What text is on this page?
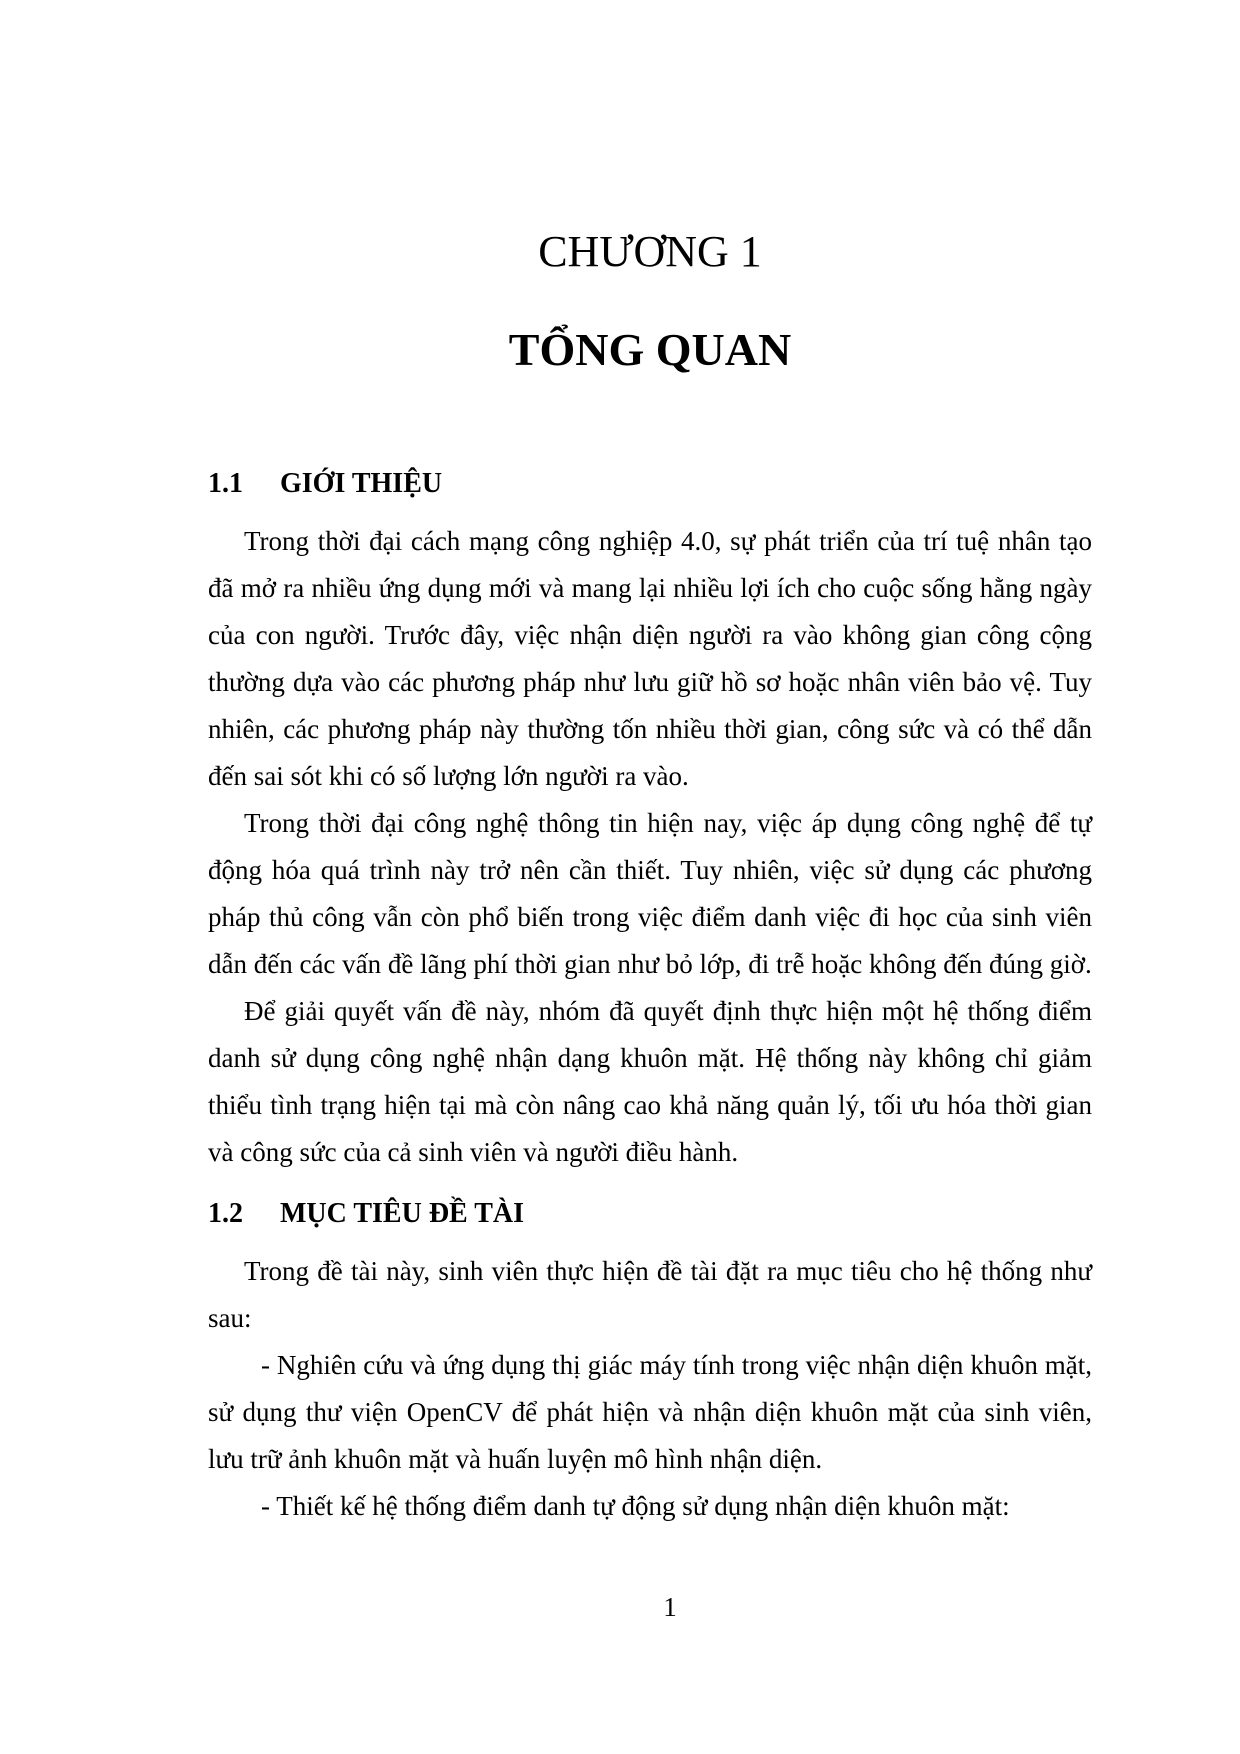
CHƯƠNG 1
TỔNG QUAN
1.1 GIỚI THIỆU

Trong thời đại cách mạng công nghiệp 4.0, sự phát triển của trí tuệ nhân tạo đã mở ra nhiều ứng dụng mới và mang lại nhiều lợi ích cho cuộc sống hằng ngày của con người. Trước đây, việc nhận diện người ra vào không gian công cộng thường dựa vào các phương pháp như lưu giữ hồ sơ hoặc nhân viên bảo vệ. Tuy nhiên, các phương pháp này thường tốn nhiều thời gian, công sức và có thể dẫn đến sai sót khi có số lượng lớn người ra vào.

Trong thời đại công nghệ thông tin hiện nay, việc áp dụng công nghệ để tự động hóa quá trình này trở nên cần thiết. Tuy nhiên, việc sử dụng các phương pháp thủ công vẫn còn phổ biến trong việc điểm danh việc đi học của sinh viên dẫn đến các vấn đề lãng phí thời gian như bỏ lớp, đi trễ hoặc không đến đúng giờ.

Để giải quyết vấn đề này, nhóm đã quyết định thực hiện một hệ thống điểm danh sử dụng công nghệ nhận dạng khuôn mặt. Hệ thống này không chỉ giảm thiểu tình trạng hiện tại mà còn nâng cao khả năng quản lý, tối ưu hóa thời gian và công sức của cả sinh viên và người điều hành.

1.2 MỤC TIÊU ĐỀ TÀI

Trong đề tài này, sinh viên thực hiện đề tài đặt ra mục tiêu cho hệ thống như sau:

- Nghiên cứu và ứng dụng thị giác máy tính trong việc nhận diện khuôn mặt, sử dụng thư viện OpenCV để phát hiện và nhận diện khuôn mặt của sinh viên, lưu trữ ảnh khuôn mặt và huấn luyện mô hình nhận diện.

- Thiết kế hệ thống điểm danh tự động sử dụng nhận diện khuôn mặt:

1
